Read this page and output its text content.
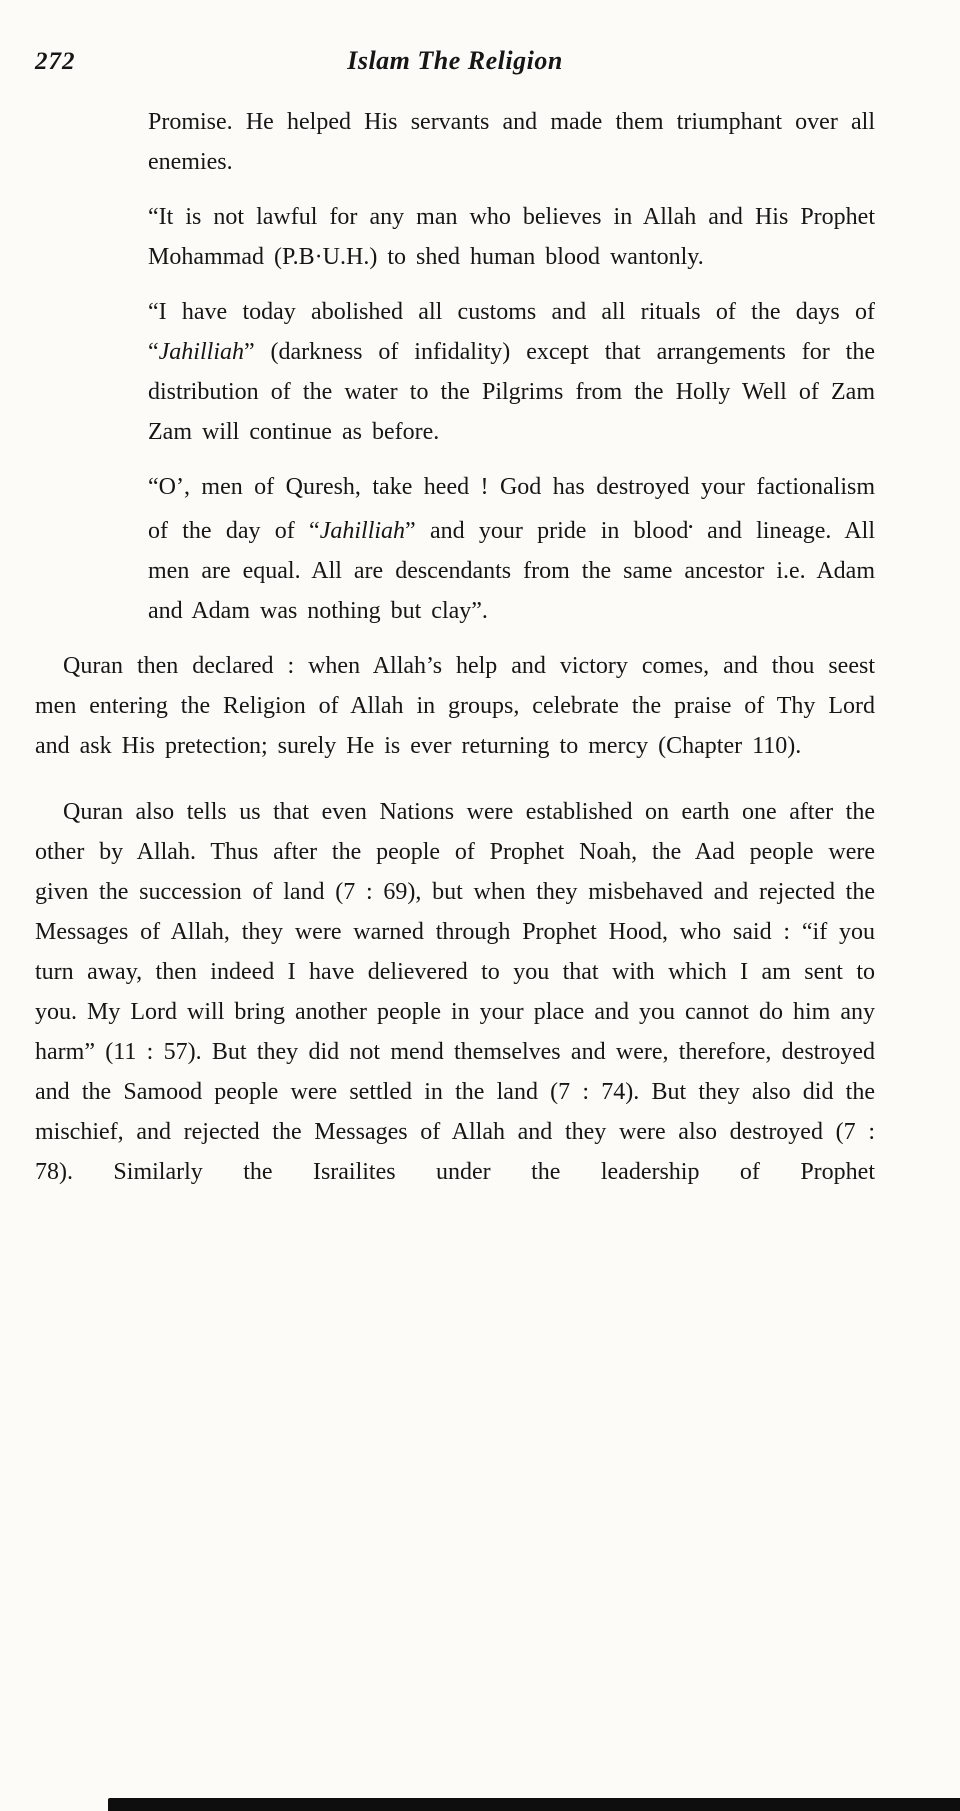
272	Islam The Religion

Promise. He helped His servants and made them triumphant over all enemies.

“It is not lawful for any man who believes in Allah and His Prophet Mohammad (P.B·U.H.) to shed human blood wantonly.

“I have today abolished all customs and all rituals of the days of “Jahilliah” (darkness of infidality) except that arrangements for the distribution of the water to the Pilgrims from the Holly Well of Zam Zam will continue as before.

“O’, men of Quresh, take heed ! God has destroyed your factionalism of the day of “Jahilliah” and your pride in blood• and lineage. All men are equal. All are descendants from the same ancestor i.e. Adam and Adam was nothing but clay”.

Quran then declared : when Allah’s help and victory comes, and thou seest men entering the Religion of Allah in groups, celebrate the praise of Thy Lord and ask His pretection; surely He is ever returning to mercy (Chapter 110).

Quran also tells us that even Nations were established on earth one after the other by Allah. Thus after the people of Prophet Noah, the Aad people were given the succession of land (7 : 69), but when they misbehaved and rejected the Messages of Allah, they were warned through Prophet Hood, who said : “if you turn away, then indeed I have delievered to you that with which I am sent to you. My Lord will bring another people in your place and you cannot do him any harm” (11 : 57). But they did not mend themselves and were, therefore, destroyed and the Samood people were settled in the land (7 : 74). But they also did the mischief, and rejected the Messages of Allah and they were also destroyed (7 : 78). Similarly the Israilites under the leadership of Prophet
